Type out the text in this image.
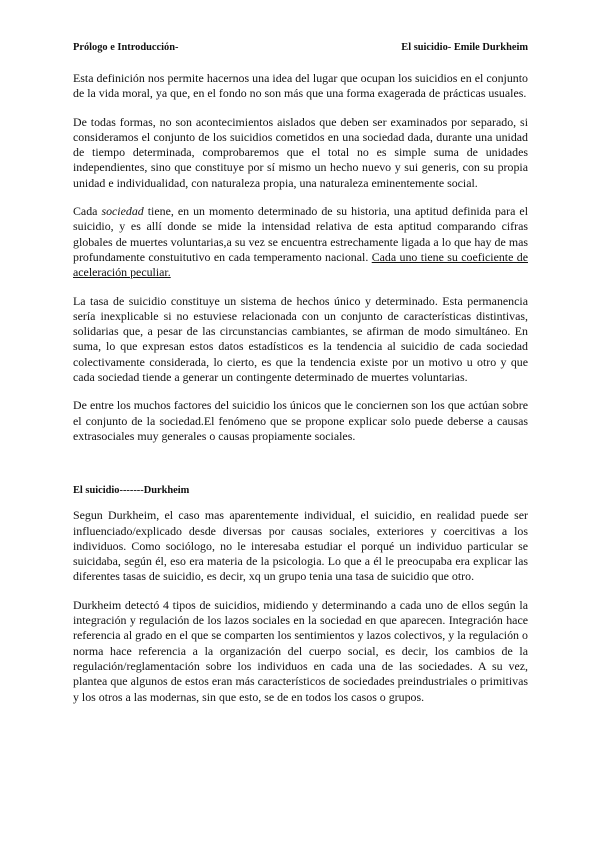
Prólogo e Introducción-	El suicidio- Emile Durkheim

Esta definición nos permite hacernos una idea del lugar que ocupan los suicidios en el conjunto de la vida moral, ya que, en el fondo no son más que una forma exagerada de prácticas usuales.

De todas formas, no son acontecimientos aislados que deben ser examinados por separado, si consideramos el conjunto de los suicidios cometidos en una sociedad dada, durante una unidad de tiempo determinada, comprobaremos que el total no es simple suma de unidades independientes, sino que constituye por sí mismo un hecho nuevo y sui generis, con su propia unidad e individualidad, con naturaleza propia, una naturaleza eminentemente social.

Cada sociedad tiene, en un momento determinado de su historia, una aptitud definida para el suicidio, y es allí donde se mide la intensidad relativa de esta aptitud comparando cifras globales de muertes voluntarias,a su vez se encuentra estrechamente ligada a lo que hay de mas profundamente constuitutivo en cada temperamento nacional. Cada uno tiene su coeficiente de aceleración peculiar.

La tasa de suicidio constituye un sistema de hechos único y determinado. Esta permanencia sería inexplicable si no estuviese relacionada con un conjunto de características distintivas, solidarias que, a pesar de las circunstancias cambiantes, se afirman de modo simultáneo. En suma, lo que expresan estos datos estadísticos es la tendencia al suicidio de cada sociedad colectivamente considerada, lo cierto, es que la tendencia existe por un motivo u otro y que cada sociedad tiende a generar un contingente determinado de muertes voluntarias.

De entre los muchos factores del suicidio los únicos que le conciernen son los que actúan sobre el conjunto de la sociedad.El fenómeno que se propone explicar solo puede deberse a causas extrasociales muy generales o causas propiamente sociales.

El suicidio-------Durkheim

Segun Durkheim, el caso mas aparentemente individual, el suicidio, en realidad puede ser influenciado/explicado desde diversas por causas sociales, exteriores y coercitivas a los individuos. Como sociólogo, no le interesaba estudiar el porqué un individuo particular se suicidaba, según él, eso era materia de la psicologia. Lo que a él le preocupaba era explicar las diferentes tasas de suicidio, es decir, xq un grupo tenia una tasa de suicidio que otro.

Durkheim detectó 4 tipos de suicidios, midiendo y determinando a cada uno de ellos según la integración y regulación de los lazos sociales en la sociedad en que aparecen. Integración hace referencia al grado en el que se comparten los sentimientos y lazos colectivos, y la regulación o norma hace referencia a la organización del cuerpo social, es decir, los cambios de la regulación/reglamentación sobre los individuos en cada una de las sociedades. A su vez, plantea que algunos de estos eran más característicos de sociedades preindustriales o primitivas y los otros a las modernas, sin que esto, se de en todos los casos o grupos.
